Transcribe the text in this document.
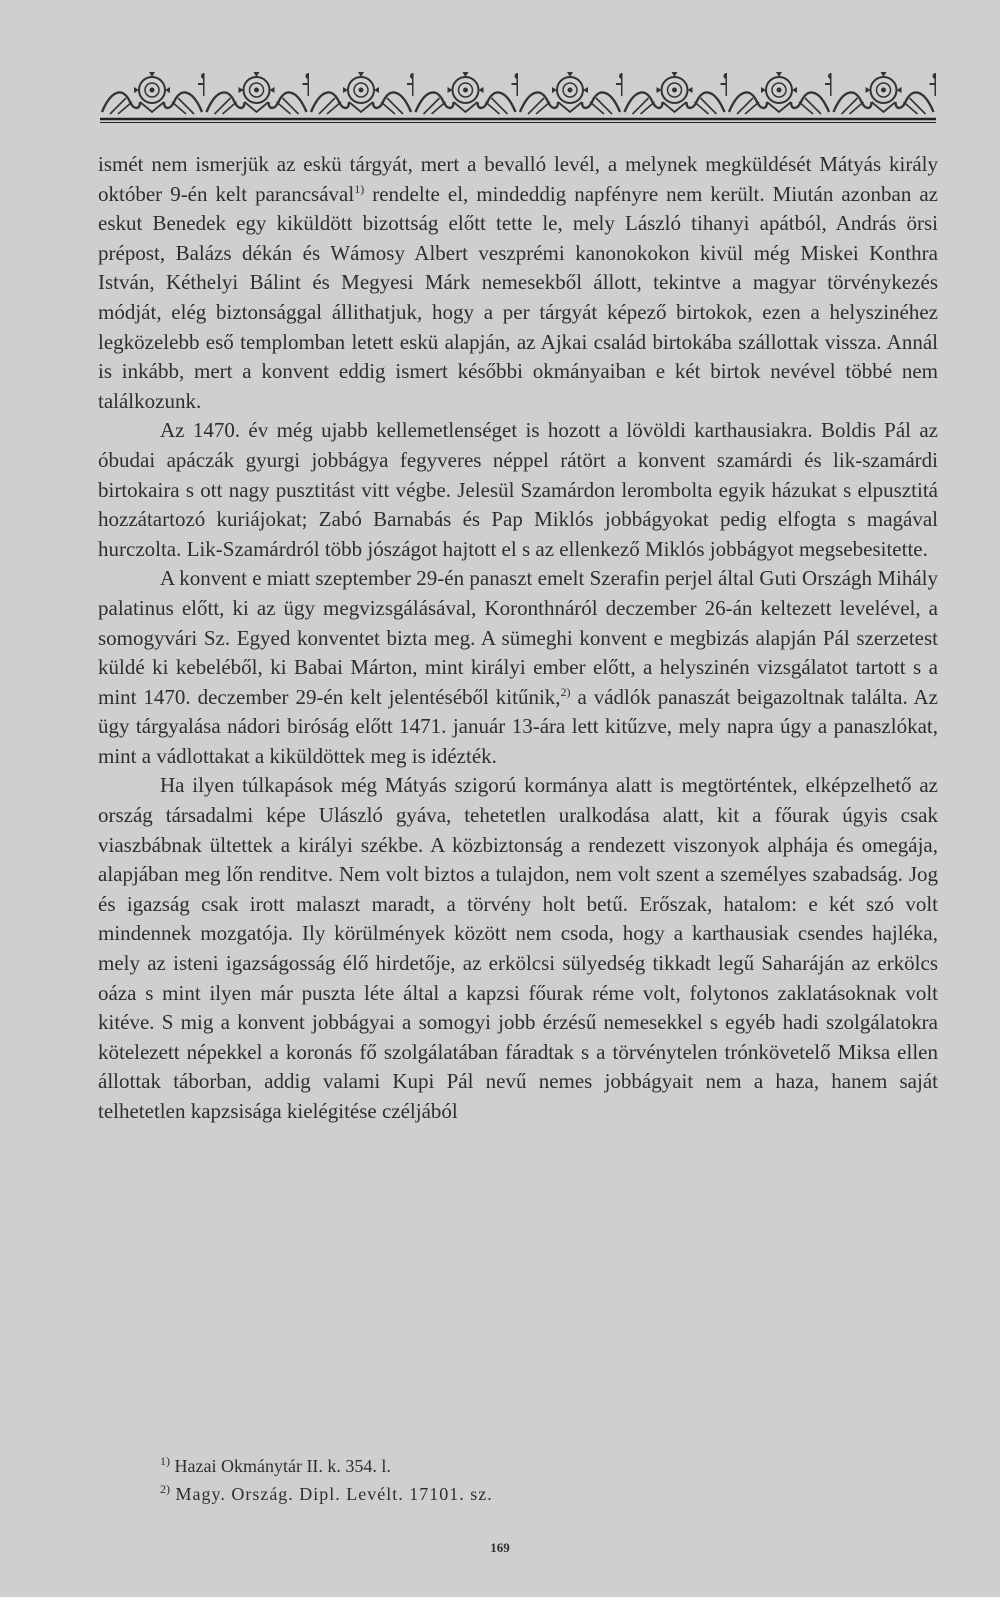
ismét nem ismerjük az eskü tárgyát, mert a bevalló levél, a melynek megküldését Mátyás király október 9-én kelt parancsával$^{1)}$ rendelte el, mindeddig napfényre nem került. Miután azonban az eskut Benedek egy kiküldött bizottság előtt tette le, mely László tihanyi apátból, András örsi prépost, Balázs dékán és Wámosy Albert veszprémi kanonokokon kivül még Miskei Konthra István, Kéthelyi Bálint és Megyesi Márk nemesekből állott, tekintve a magyar törvénykezés módját, elég biztonsággal állithatjuk, hogy a per tárgyát képező birtokok, ezen a helyszinéhez legközelebb eső templomban letett eskü alapján, az Ajkai család birtokába szállottak vissza. Annál is inkább, mert a konvent eddig ismert későbbi okmányaiban e két birtok nevével többé nem találkozunk.

Az 1470. év még ujabb kellemetlenséget is hozott a lövöldi karthausiakra. Boldis Pál az óbudai apáczák gyurgi jobbágya fegyveres néppel rátört a konvent szamárdi és lik-szamárdi birtokaira s ott nagy pusztitást vitt végbe. Jelesül Szamárdon lerombolta egyik házukat s elpusztitá hozzátartozó kuriájokat; Zabó Barnabás és Pap Miklós jobbágyokat pedig elfogta s magával hurczolta. Lik-Szamárdról több jószágot hajtott el s az ellenkező Miklós jobbágyot megsebesitette.

A konvent e miatt szeptember 29-én panaszt emelt Szerafin perjel által Guti Országh Mihály palatinus előtt, ki az ügy megvizsgálásával, Koronthnáról deczember 26-án keltezett levelével, a somogyvári Sz. Egyed konventet bizta meg. A sümeghi konvent e megbizás alapján Pál szerzetest küldé ki kebeléből, ki Babai Márton, mint királyi ember előtt, a helyszinén vizsgálatot tartott s a mint 1470. deczember 29-én kelt jelentéséből kitűnik,$^{2)}$ a vádlók panaszát beigazoltnak találta. Az ügy tárgyalása nádori biróság előtt 1471. január 13-ára lett kitűzve, mely napra úgy a panaszlókat, mint a vádlottakat a kiküldöttek meg is idézték.

Ha ilyen túlkapások még Mátyás szigorú kormánya alatt is megtörténtek, elképzelhető az ország társadalmi képe Ulászló gyáva, tehetetlen uralkodása alatt, kit a főurak úgyis csak viaszbábnak ültettek a királyi székbe. A közbiztonság a rendezett viszonyok alphája és omegája, alapjában meg lőn renditve. Nem volt biztos a tulajdon, nem volt szent a személyes szabadság. Jog és igazság csak irott malaszt maradt, a törvény holt betű. Erőszak, hatalom: e két szó volt mindennek mozgatója. Ily körülmények között nem csoda, hogy a karthausiak csendes hajléka, mely az isteni igazságosság élő hirdetője, az erkölcsi sülyedség tikkadt legű Saharáján az erkölcs oáza s mint ilyen már puszta léte által a kapzsi főurak réme volt, folytonos zaklatásoknak volt kitéve. S mig a konvent jobbágyai a somogyi jobb érzésű nemesekkel s egyéb hadi szolgálatokra kötelezett népekkel a koronás fő szolgálatában fáradtak s a törvénytelen trónkövetelő Miksa ellen állottak táborban, addig valami Kupi Pál nevű nemes jobbágyait nem a haza, hanem saját telhetetlen kapzsisága kielégitése czéljából

$^{1)}$ Hazai Okmánytár II. k. 354. l.

$^{2)}$ Magy. Ország. Dipl. Levélt. 17101. sz.

169
